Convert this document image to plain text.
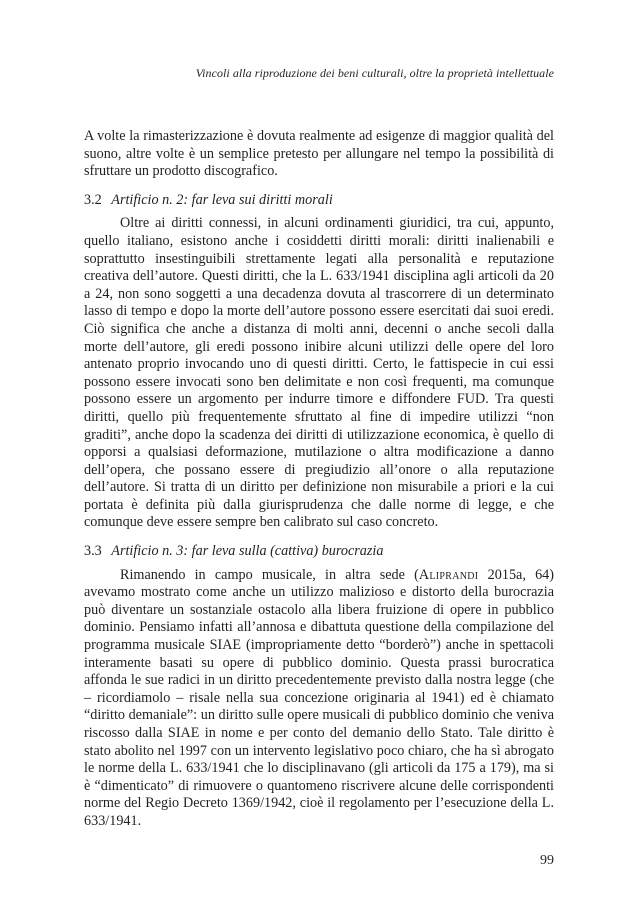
Vincoli alla riproduzione dei beni culturali, oltre la proprietà intellettuale

A volte la rimasterizzazione è dovuta realmente ad esigenze di maggior qualità del suono, altre volte è un semplice pretesto per allungare nel tempo la possibilità di sfruttare un prodotto discografico.

3.2 Artificio n. 2: far leva sui diritti morali

Oltre ai diritti connessi, in alcuni ordinamenti giuridici, tra cui, appunto, quello italiano, esistono anche i cosiddetti diritti morali: diritti inalienabili e soprattutto insestinguibili strettamente legati alla personalità e reputazione creativa dell’autore. Questi diritti, che la L. 633/1941 disciplina agli articoli da 20 a 24, non sono soggetti a una decadenza dovuta al trascorrere di un determinato lasso di tempo e dopo la morte dell’autore possono essere esercitati dai suoi eredi. Ciò significa che anche a distanza di molti anni, decenni o anche secoli dalla morte dell’autore, gli eredi possono inibire alcuni utilizzi delle opere del loro antenato proprio invocando uno di questi diritti. Certo, le fattispecie in cui essi possono essere invocati sono ben delimitate e non così frequenti, ma comunque possono essere un argomento per indurre timore e diffondere FUD. Tra questi diritti, quello più frequentemente sfruttato al fine di impedire utilizzi “non graditi”, anche dopo la scadenza dei diritti di utilizzazione economica, è quello di opporsi a qualsiasi deformazione, mutilazione o altra modificazione a danno dell’opera, che possano essere di pregiudizio all’onore o alla reputazione dell’autore. Si tratta di un diritto per definizione non misurabile a priori e la cui portata è definita più dalla giurisprudenza che dalle norme di legge, e che comunque deve essere sempre ben calibrato sul caso concreto.

3.3 Artificio n. 3: far leva sulla (cattiva) burocrazia

Rimanendo in campo musicale, in altra sede (Aliprandi 2015a, 64) avevamo mostrato come anche un utilizzo malizioso e distorto della burocrazia può diventare un sostanziale ostacolo alla libera fruizione di opere in pubblico dominio. Pensiamo infatti all’annosa e dibattuta questione della compilazione del programma musicale SIAE (impropriamente detto “borderò”) anche in spettacoli interamente basati su opere di pubblico dominio. Questa prassi burocratica affonda le sue radici in un diritto precedentemente previsto dalla nostra legge (che – ricordiamolo – risale nella sua concezione originaria al 1941) ed è chiamato “diritto demaniale”: un diritto sulle opere musicali di pubblico dominio che veniva riscosso dalla SIAE in nome e per conto del demanio dello Stato. Tale diritto è stato abolito nel 1997 con un intervento legislativo poco chiaro, che ha sì abrogato le norme della L. 633/1941 che lo disciplinavano (gli articoli da 175 a 179), ma si è “dimenticato” di rimuovere o quantomeno riscrivere alcune delle corrispondenti norme del Regio Decreto 1369/1942, cioè il regolamento per l’esecuzione della L. 633/1941.

99
